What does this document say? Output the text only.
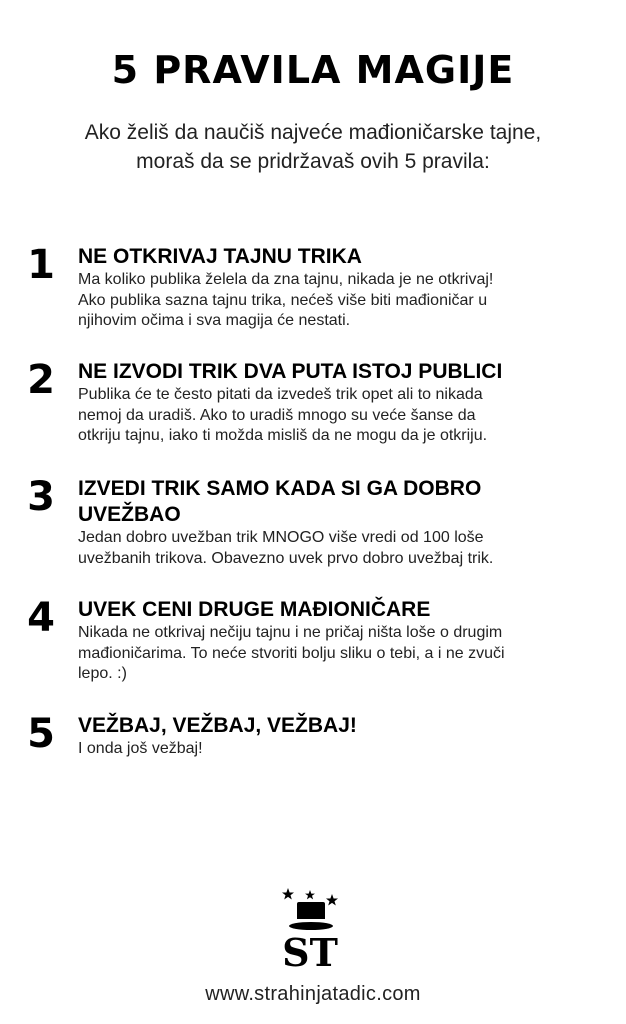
5 PRAVILA MAGIJE
Ako želiš da naučiš najveće mađioničarske tajne,
moraš da se pridržavaš ovih 5 pravila:
1 NE OTKRIVAJ TAJNU TRIKA
Ma koliko publika želela da zna tajnu, nikada je ne otkrivaj!
Ako publika sazna tajnu trika, nećeš više biti mađioničar u
njihovim očima i sva magija će nestati.
2 NE IZVODI TRIK DVA PUTA ISTOJ PUBLICI
Publika će te često pitati da izvedeš trik opet ali to nikada
nemoj da uradiš. Ako to uradiš mnogo su veće šanse da
otkriju tajnu, iako ti možda misliš da ne mogu da je otkriju.
3 IZVEDI TRIK SAMO KADA SI GA DOBRO
UVEŽBAO
Jedan dobro uvežban trik MNOGO više vredi od 100 loše
uvežbanih trikova. Obavezno uvek prvo dobro uvežbaj trik.
4 UVEK CENI DRUGE MAĐIONIČARE
Nikada ne otkrivaj nečiju tajnu i ne pričaj ništa loše o drugim
mađioničarima. To neće stvoriti bolju sliku o tebi, a i ne zvuči
lepo. :)
5 VEŽBAJ, VEŽBAJ, VEŽBAJ!
I onda još vežbaj!
ST
www.strahinjatadic.com
